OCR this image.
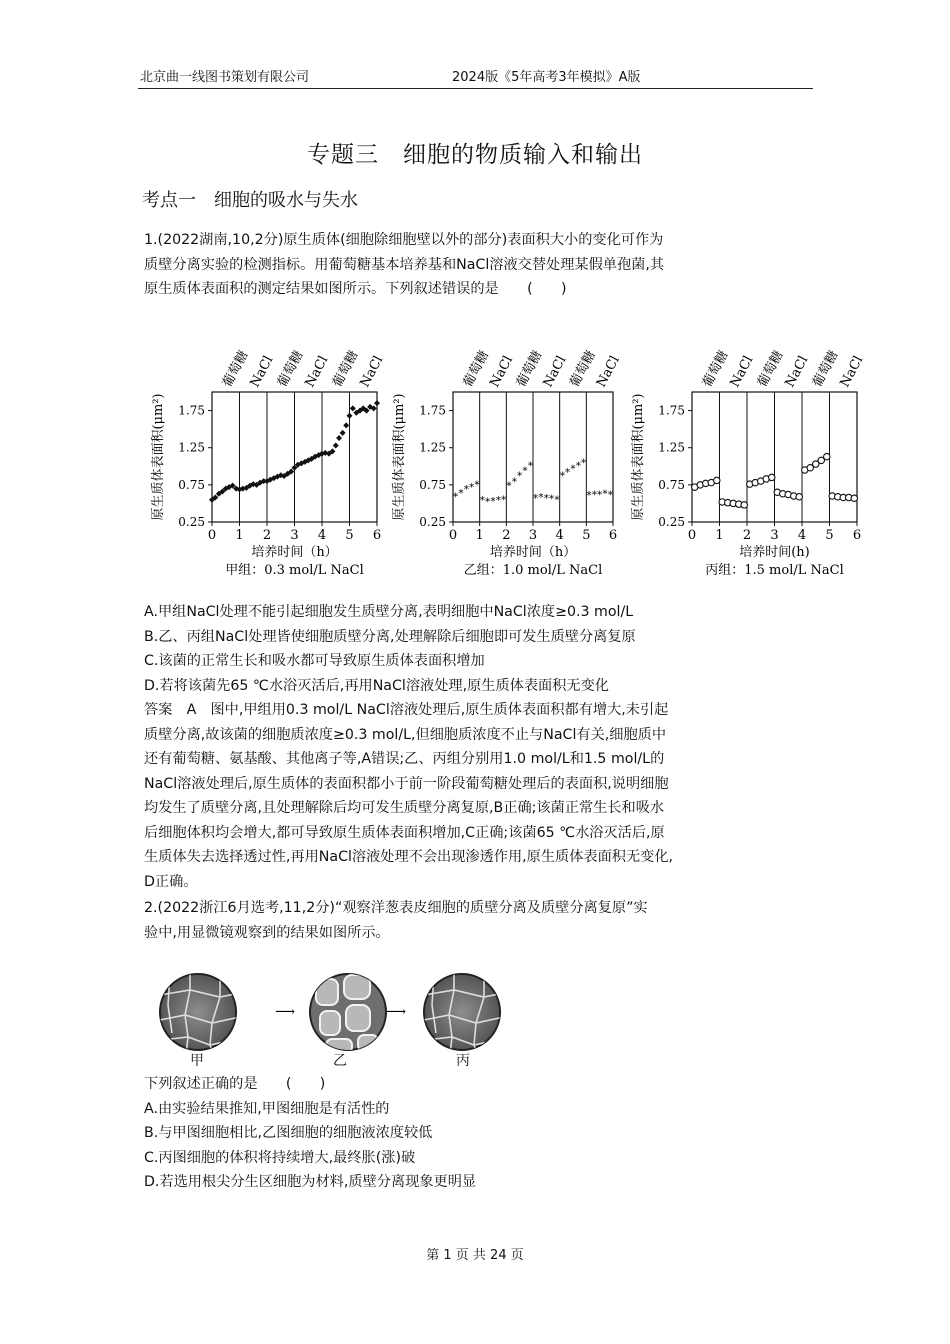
北京曲一线图书策划有限公司	2024版《5年高考3年模拟》A版
专题三　细胞的物质输入和输出
考点一　细胞的吸水与失水

1.(2022湖南,10,2分)原生质体(细胞除细胞壁以外的部分)表面积大小的变化可作为

质壁分离实验的检测指标。用葡萄糖基本培养基和NaCl溶液交替处理某假单孢菌,其

原生质体表面积的测定结果如图所示。下列叙述错误的是　　(　　)

葡萄糖
NaCl
葡萄糖
NaCl
葡萄糖
NaCl
0 1 2 3 4 5 6
0.25
0.75
1.25
1.75
原生质体表面积(μm²)
培养时间（h）
甲组：0.3 mol/L NaCl
葡萄糖
NaCl
葡萄糖
NaCl
葡萄糖
NaCl
0 1 2 3 4 5 6
0.25
0.75
1.25
1.75
原生质体表面积(μm²)
培养时间（h）
乙组：1.0 mol/L NaCl
* * * * *
* * * * *
* *
* * *
* * * * *
* * * * *
* * * * *
葡萄糖
NaCl
葡萄糖
NaCl
葡萄糖
NaCl
0 1 2 3 4 5 6
0.25
0.75
1.25
1.75
原生质体表面积(μm²)
培养时间(h)
丙组：1.5 mol/L NaCl

A.甲组NaCl处理不能引起细胞发生质壁分离,表明细胞中NaCl浓度≥0.3 mol/L

B.乙、丙组NaCl处理皆使细胞质壁分离,处理解除后细胞即可发生质壁分离复原

C.该菌的正常生长和吸水都可导致原生质体表面积增加

D.若将该菌先65 ℃水浴灭活后,再用NaCl溶液处理,原生质体表面积无变化

答案　A　图中,甲组用0.3 mol/L NaCl溶液处理后,原生质体表面积都有增大,未引起

质壁分离,故该菌的细胞质浓度≥0.3 mol/L,但细胞质浓度不止与NaCl有关,细胞质中

还有葡萄糖、氨基酸、其他离子等,A错误;乙、丙组分别用1.0 mol/L和1.5 mol/L的

NaCl溶液处理后,原生质体的表面积都小于前一阶段葡萄糖处理后的表面积,说明细胞

均发生了质壁分离,且处理解除后均可发生质壁分离复原,B正确;该菌正常生长和吸水

后细胞体积均会增大,都可导致原生质体表面积增加,C正确;该菌65 ℃水浴灭活后,原

生质体失去选择透过性,再用NaCl溶液处理不会出现渗透作用,原生质体表面积无变化,

D正确。

2.(2022浙江6月选考,11,2分)“观察洋葱表皮细胞的质壁分离及质壁分离复原”实

验中,用显微镜观察到的结果如图所示。

⟶	⟶
甲	乙	丙

下列叙述正确的是　　(　　)

A.由实验结果推知,甲图细胞是有活性的

B.与甲图细胞相比,乙图细胞的细胞液浓度较低

C.丙图细胞的体积将持续增大,最终胀(涨)破

D.若选用根尖分生区细胞为材料,质壁分离现象更明显

第 1 页 共 24 页
